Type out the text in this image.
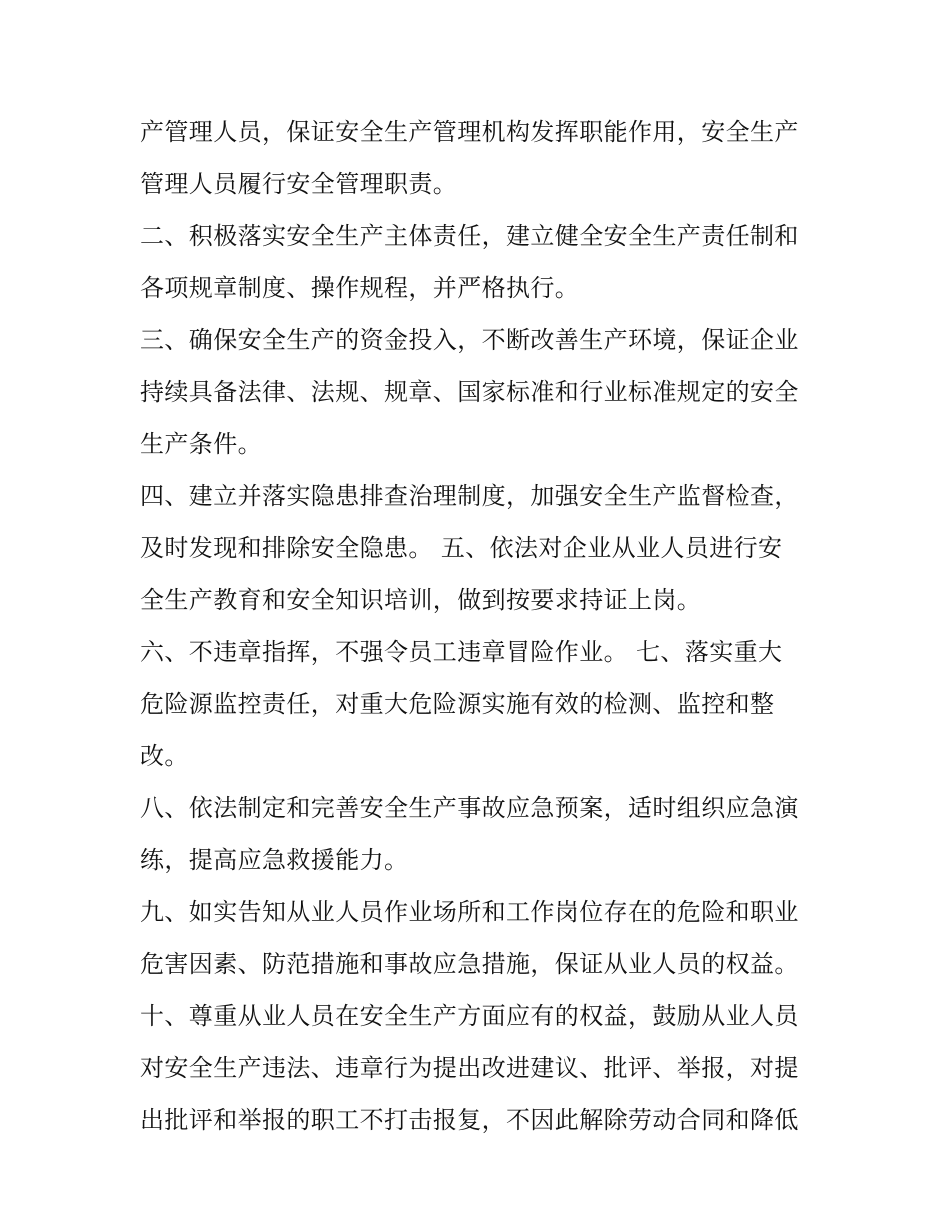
产管理人员，保证安全生产管理机构发挥职能作用，安全生产
管理人员履行安全管理职责。
二、积极落实安全生产主体责任，建立健全安全生产责任制和
各项规章制度、操作规程，并严格执行。
三、确保安全生产的资金投入，不断改善生产环境，保证企业
持续具备法律、法规、规章、国家标准和行业标准规定的安全
生产条件。
四、建立并落实隐患排查治理制度，加强安全生产监督检查，
及时发现和排除安全隐患。 五、依法对企业从业人员进行安
全生产教育和安全知识培训，做到按要求持证上岗。
六、不违章指挥，不强令员工违章冒险作业。 七、落实重大
危险源监控责任，对重大危险源实施有效的检测、监控和整
改。
八、依法制定和完善安全生产事故应急预案，适时组织应急演
练，提高应急救援能力。
九、如实告知从业人员作业场所和工作岗位存在的危险和职业
危害因素、防范措施和事故应急措施，保证从业人员的权益。
十、尊重从业人员在安全生产方面应有的权益，鼓励从业人员
对安全生产违法、违章行为提出改进建议、批评、举报，对提
出批评和举报的职工不打击报复，不因此解除劳动合同和降低
